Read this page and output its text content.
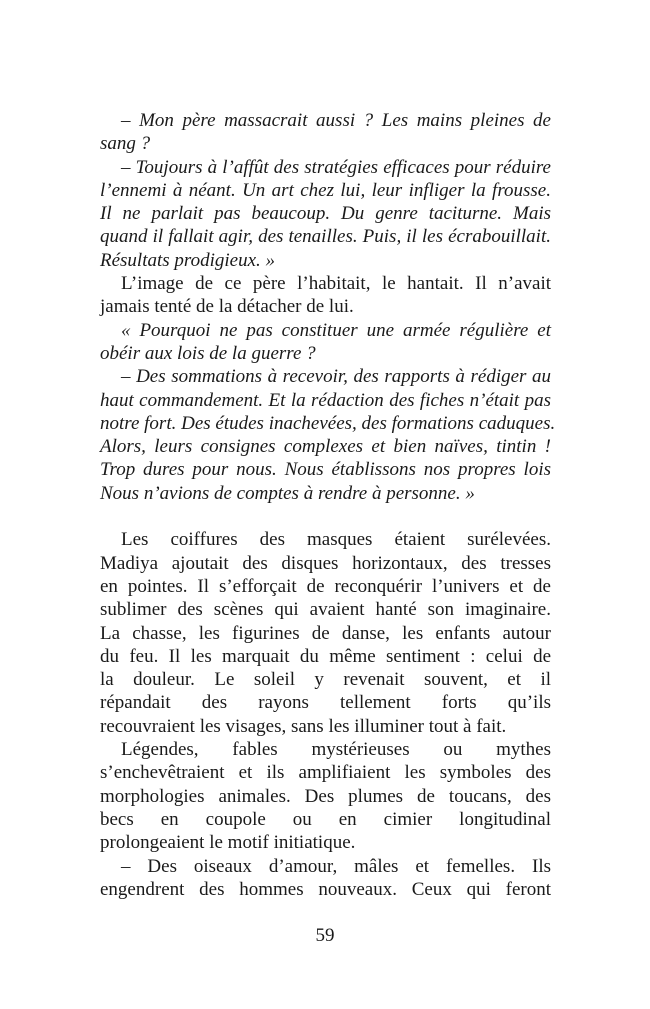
– Mon père massacrait aussi ? Les mains pleines de
sang ?
– Toujours à l’affût des stratégies efficaces pour réduire
l’ennemi à néant. Un art chez lui, leur infliger la frousse.
Il ne parlait pas beaucoup. Du genre taciturne. Mais
quand il fallait agir, des tenailles. Puis, il les écrabouillait.
Résultats prodigieux. »
L’image de ce père l’habitait, le hantait. Il n’avait
jamais tenté de la détacher de lui.
« Pourquoi ne pas constituer une armée régulière et
obéir aux lois de la guerre ?
– Des sommations à recevoir, des rapports à rédiger au
haut commandement. Et la rédaction des fiches n’était pas
notre fort. Des études inachevées, des formations caduques.
Alors, leurs consignes complexes et bien naïves, tintin !
Trop dures pour nous. Nous établissons nos propres lois
Nous n’avions de comptes à rendre à personne. »
Les coiffures des masques étaient surélevées.
Madiya ajoutait des disques horizontaux, des tresses
en pointes. Il s’efforçait de reconquérir l’univers et de
sublimer des scènes qui avaient hanté son imaginaire.
La chasse, les figurines de danse, les enfants autour
du feu. Il les marquait du même sentiment : celui de
la douleur. Le soleil y revenait souvent, et il
répandait des rayons tellement forts qu’ils
recouvraient les visages, sans les illuminer tout à fait.
Légendes, fables mystérieuses ou mythes
s’enchevêtraient et ils amplifiaient les symboles des
morphologies animales. Des plumes de toucans, des
becs en coupole ou en cimier longitudinal
prolongeaient le motif initiatique.
– Des oiseaux d’amour, mâles et femelles. Ils
engendrent des hommes nouveaux. Ceux qui feront
59
